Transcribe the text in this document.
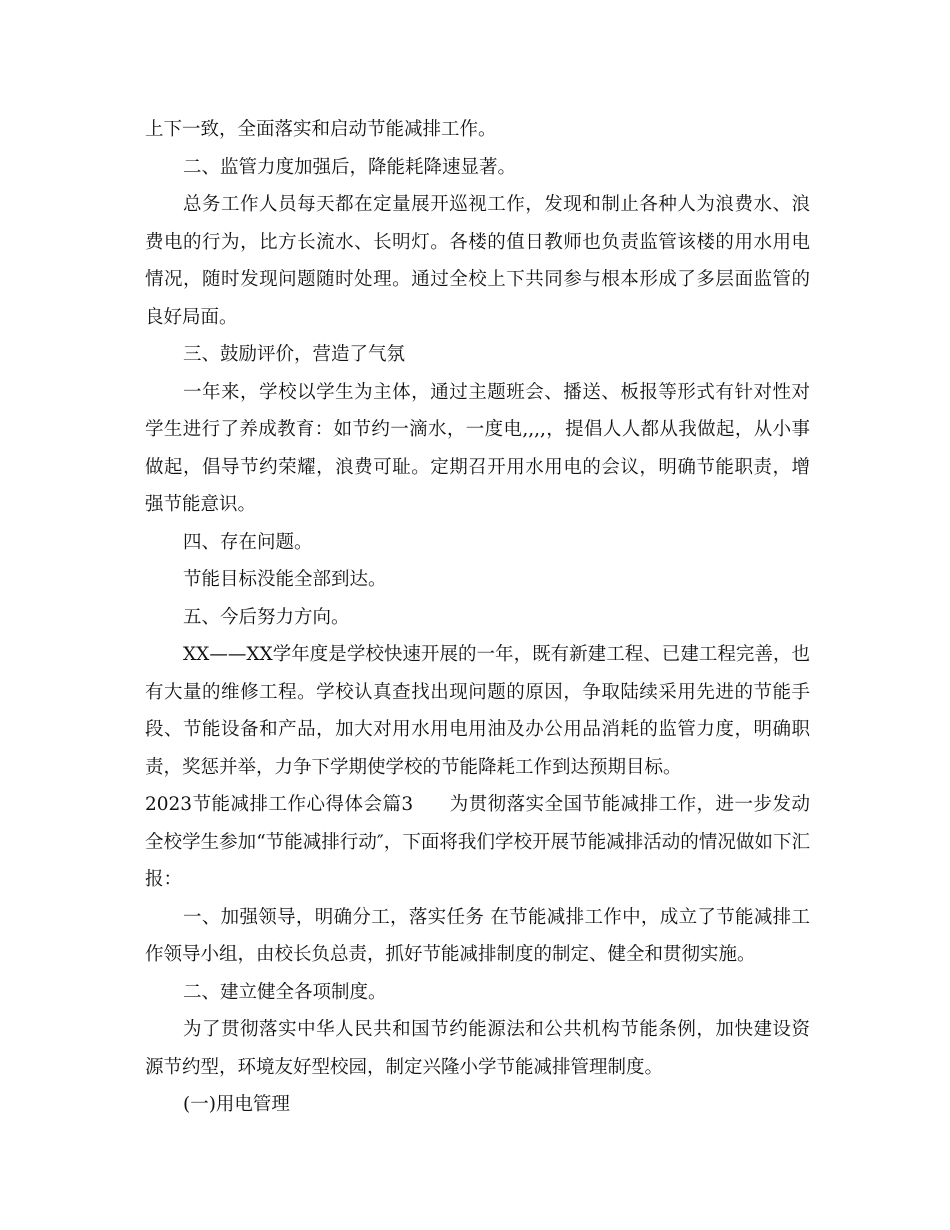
上下一致，全面落实和启动节能减排工作。

二、监管力度加强后，降能耗降速显著。

总务工作人员每天都在定量展开巡视工作，发现和制止各种人为浪费水、浪费电的行为，比方长流水、长明灯。各楼的值日教师也负责监管该楼的用水用电情况，随时发现问题随时处理。通过全校上下共同参与根本形成了多层面监管的良好局面。

三、鼓励评价，营造了气氛

一年来，学校以学生为主体，通过主题班会、播送、板报等形式有针对性对学生进行了养成教育：如节约一滴水，一度电,,,,，提倡人人都从我做起，从小事做起，倡导节约荣耀，浪费可耻。定期召开用水用电的会议，明确节能职责，增强节能意识。

四、存在问题。

节能目标没能全部到达。

五、今后努力方向。

XX——XX学年度是学校快速开展的一年，既有新建工程、已建工程完善，也有大量的维修工程。学校认真查找出现问题的原因，争取陆续采用先进的节能手段、节能设备和产品，加大对用水用电用油及办公用品消耗的监管力度，明确职责，奖惩并举，力争下学期使学校的节能降耗工作到达预期目标。

2023节能减排工作心得体会篇3 为贯彻落实全国节能减排工作，进一步发动全校学生参加“节能减排行动″，下面将我们学校开展节能减排活动的情况做如下汇报：

一、加强领导，明确分工，落实任务 在节能减排工作中，成立了节能减排工作领导小组，由校长负总责，抓好节能减排制度的制定、健全和贯彻实施。

二、建立健全各项制度。

为了贯彻落实中华人民共和国节约能源法和公共机构节能条例，加快建设资源节约型，环境友好型校园，制定兴隆小学节能减排管理制度。

(一)用电管理
